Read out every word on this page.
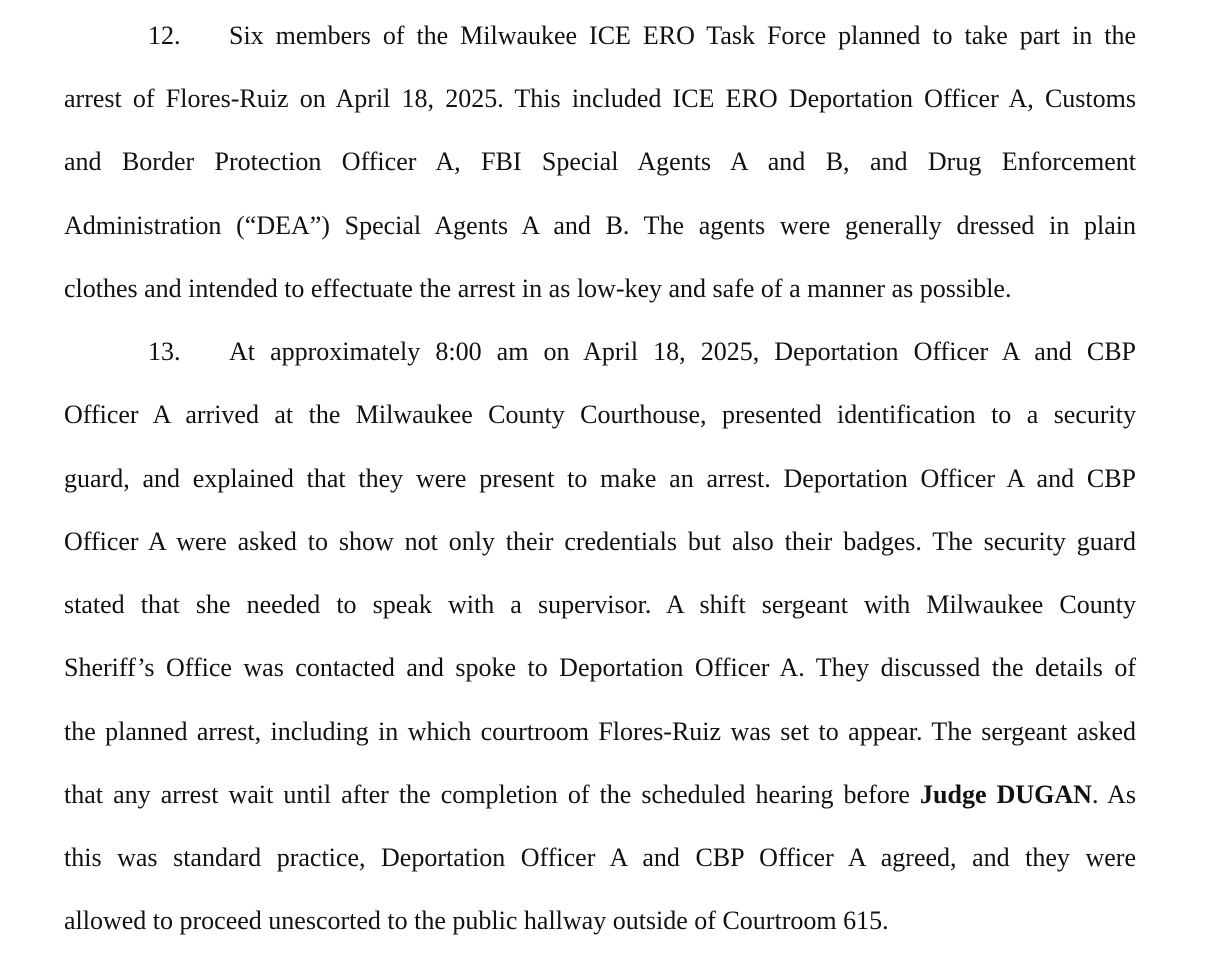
12. Six members of the Milwaukee ICE ERO Task Force planned to take part in the
arrest of Flores-Ruiz on April 18, 2025. This included ICE ERO Deportation Officer A, Customs
and Border Protection Officer A, FBI Special Agents A and B, and Drug Enforcement
Administration (“DEA”) Special Agents A and B. The agents were generally dressed in plain
clothes and intended to effectuate the arrest in as low-key and safe of a manner as possible.
13. At approximately 8:00 am on April 18, 2025, Deportation Officer A and CBP
Officer A arrived at the Milwaukee County Courthouse, presented identification to a security
guard, and explained that they were present to make an arrest. Deportation Officer A and CBP
Officer A were asked to show not only their credentials but also their badges. The security guard
stated that she needed to speak with a supervisor. A shift sergeant with Milwaukee County
Sheriff’s Office was contacted and spoke to Deportation Officer A. They discussed the details of
the planned arrest, including in which courtroom Flores-Ruiz was set to appear. The sergeant asked
that any arrest wait until after the completion of the scheduled hearing before Judge DUGAN. As
this was standard practice, Deportation Officer A and CBP Officer A agreed, and they were
allowed to proceed unescorted to the public hallway outside of Courtroom 615.
